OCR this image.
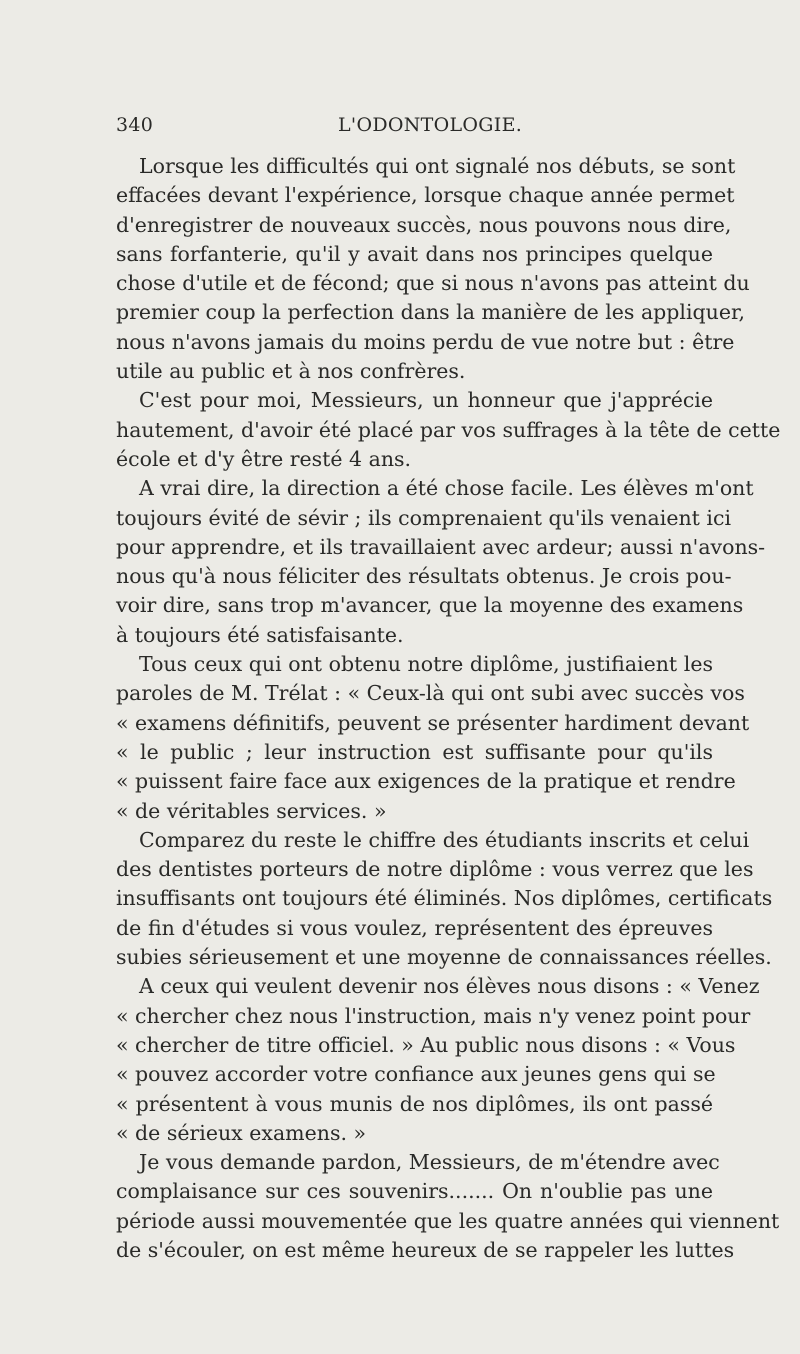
340	L'ODONTOLOGIE.
Lorsque les difficultés qui ont signalé nos débuts, se sont
effacées devant l'expérience, lorsque chaque année permet
d'enregistrer de nouveaux succès, nous pouvons nous dire,
sans forfanterie, qu'il y avait dans nos principes quelque
chose d'utile et de fécond; que si nous n'avons pas atteint du
premier coup la perfection dans la manière de les appliquer,
nous n'avons jamais du moins perdu de vue notre but : être
utile au public et à nos confrères.
C'est pour moi, Messieurs, un honneur que j'apprécie
hautement, d'avoir été placé par vos suffrages à la tête de cette
école et d'y être resté 4 ans.
A vrai dire, la direction a été chose facile. Les élèves m'ont
toujours évité de sévir ; ils comprenaient qu'ils venaient ici
pour apprendre, et ils travaillaient avec ardeur; aussi n'avons-
nous qu'à nous féliciter des résultats obtenus. Je crois pou-
voir dire, sans trop m'avancer, que la moyenne des examens
à toujours été satisfaisante.
Tous ceux qui ont obtenu notre diplôme, justifiaient les
paroles de M. Trélat : « Ceux-là qui ont subi avec succès vos
« examens définitifs, peuvent se présenter hardiment devant
« le public ; leur instruction est suffisante pour qu'ils
« puissent faire face aux exigences de la pratique et rendre
« de véritables services. »
Comparez du reste le chiffre des étudiants inscrits et celui
des dentistes porteurs de notre diplôme : vous verrez que les
insuffisants ont toujours été éliminés. Nos diplômes, certificats
de fin d'études si vous voulez, représentent des épreuves
subies sérieusement et une moyenne de connaissances réelles.
A ceux qui veulent devenir nos élèves nous disons : « Venez
« chercher chez nous l'instruction, mais n'y venez point pour
« chercher de titre officiel. » Au public nous disons : « Vous
« pouvez accorder votre confiance aux jeunes gens qui se
« présentent à vous munis de nos diplômes, ils ont passé
« de sérieux examens. »
Je vous demande pardon, Messieurs, de m'étendre avec
complaisance sur ces souvenirs....... On n'oublie pas une
période aussi mouvementée que les quatre années qui viennent
de s'écouler, on est même heureux de se rappeler les luttes
